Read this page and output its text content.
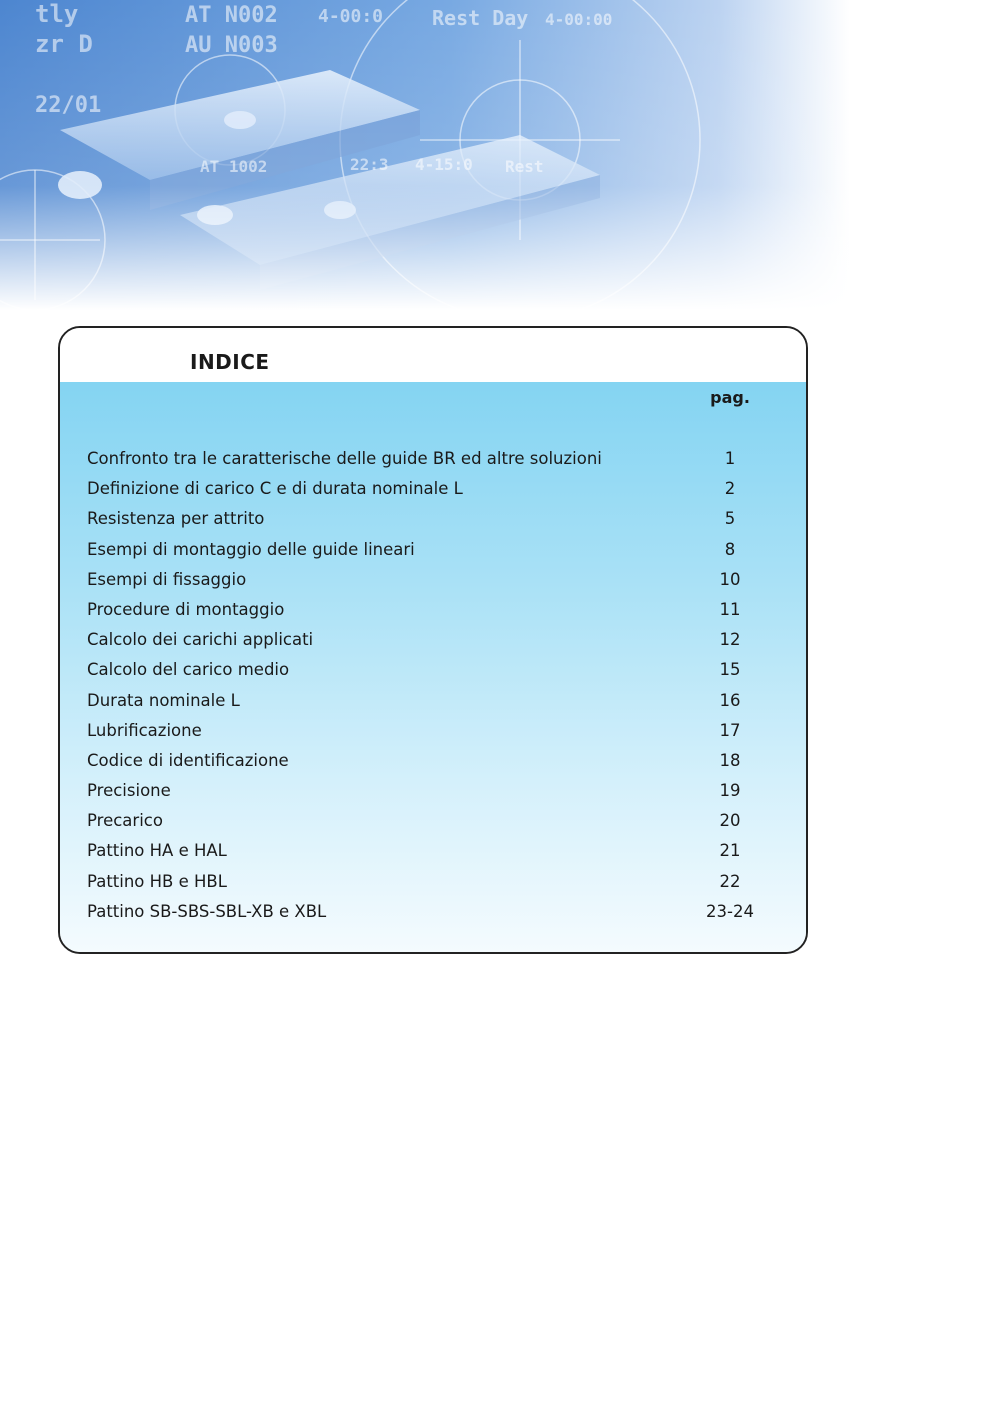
INDICE
pag.
Confronto tra le caratterische delle guide BR ed altre soluzioni	1
Definizione di carico C e di durata nominale L	2
Resistenza per attrito	5
Esempi di montaggio delle guide lineari	8
Esempi di fissaggio	10
Procedure di montaggio	11
Calcolo dei carichi applicati	12
Calcolo del carico medio	15
Durata nominale L	16
Lubrificazione	17
Codice di identificazione	18
Precisione	19
Precarico	20
Pattino HA e HAL	21
Pattino HB e HBL	22
Pattino SB-SBS-SBL-XB e XBL	23-24
